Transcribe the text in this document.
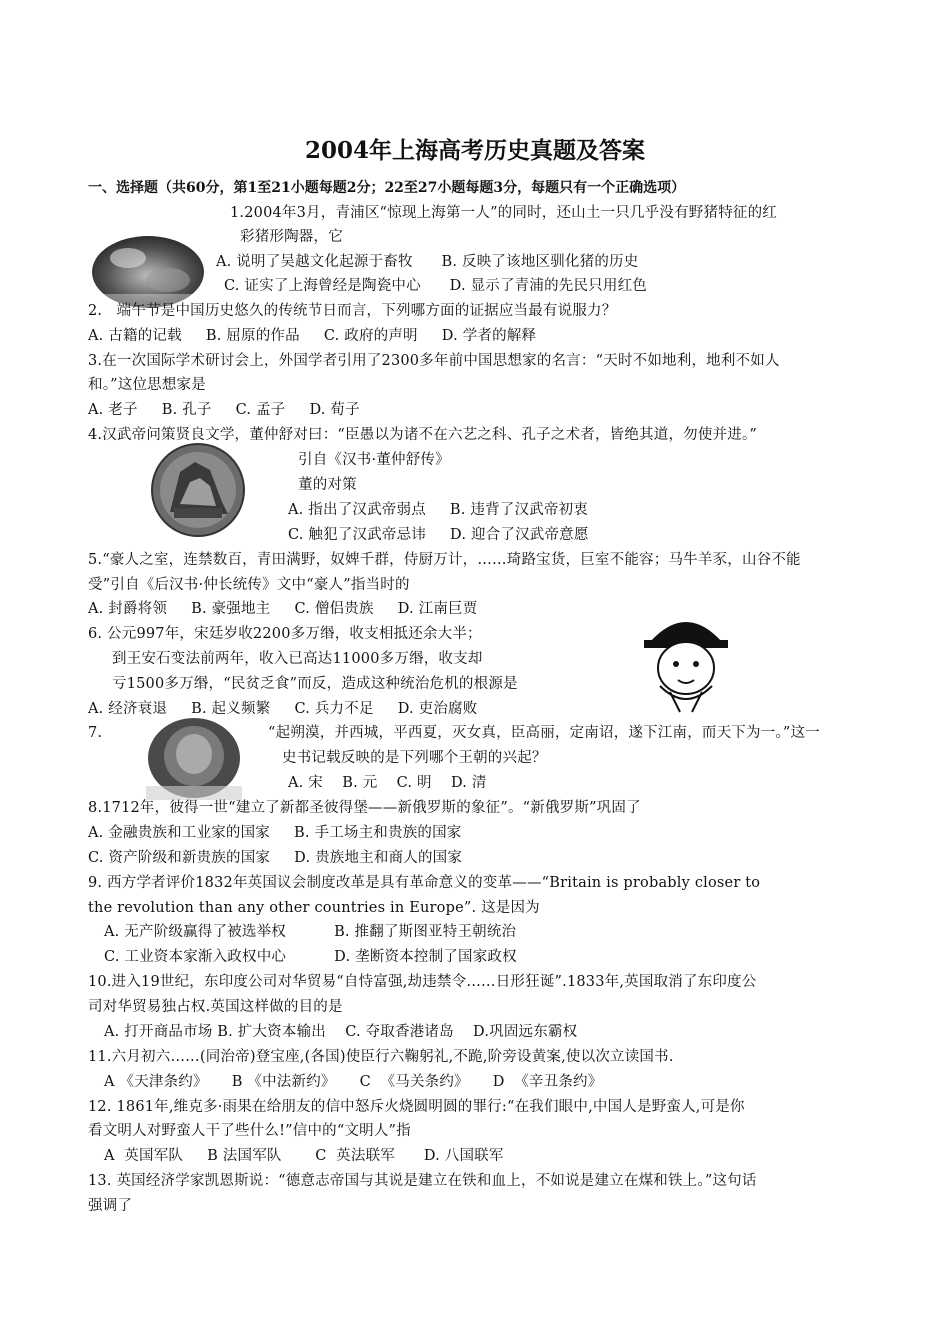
2004年上海高考历史真题及答案
一、选择题（共60分，第1至21小题每题2分；22至27小题每题3分，每题只有一个正确选项）
1.2004年3月，青浦区“惊现上海第一人”的同时，还山土一只几乎没有野猪特征的红
彩猪形陶器，它
A. 说明了吴越文化起源于畜牧      B. 反映了该地区驯化猪的历史
C. 证实了上海曾经是陶瓷中心      D. 显示了青浦的先民只用红色
2.   端午节是中国历史悠久的传统节日而言，下列哪方面的证据应当最有说服力？
A. 古籍的记载     B. 屈原的作品     C. 政府的声明     D. 学者的解释
3.在一次国际学术研讨会上，外国学者引用了2300多年前中国思想家的名言：“天时不如地利，地利不如人
和。”这位思想家是
A. 老子     B. 孔子     C. 孟子     D. 荀子
4.汉武帝问策贤良文学，董仲舒对曰：“臣愚以为诸不在六艺之科、孔子之术者，皆绝其道，勿使并进。”
引自《汉书·董仲舒传》
董的对策
A. 指出了汉武帝弱点     B. 违背了汉武帝初衷
C. 触犯了汉武帝忌讳     D. 迎合了汉武帝意愿
5.“豪人之室，连禁数百，青田满野，奴婢千群，侍厨万计，……琦路宝货，巨室不能容；马牛羊豕，山谷不能
受”引自《后汉书·仲长统传》文中“豪人”指当时的
A. 封爵将领     B. 豪强地主     C. 僧侣贵族     D. 江南巨贾
6. 公元997年，宋廷岁收2200多万缗，收支相抵还余大半；
到王安石变法前两年，收入已高达11000多万缗，收支却
亏1500多万缗，“民贫乏食”而反，造成这种统治危机的根源是
A. 经济衰退     B. 起义频繁     C. 兵力不足     D. 吏治腐败
7.	“起朔漠，并西城，平西夏，灭女真，臣高丽，定南诏，遂下江南，而天下为一。”这一
史书记载反映的是下列哪个王朝的兴起？
A. 宋    B. 元    C. 明    D. 清
8.1712年，彼得一世“建立了新都圣彼得堡——新俄罗斯的象征”。“新俄罗斯”巩固了
A. 金融贵族和工业家的国家     B. 手工场主和贵族的国家
C. 资产阶级和新贵族的国家     D. 贵族地主和商人的国家
9. 西方学者评价1832年英国议会制度改革是具有革命意义的变革——“Britain is probably closer to
the revolution than any other countries in Europe”. 这是因为
A. 无产阶级赢得了被选举权          B. 推翻了斯图亚特王朝统治
C. 工业资本家渐入政权中心          D. 垄断资本控制了国家政权
10.进入19世纪，东印度公司对华贸易“自恃富强,劫违禁令……日形狂诞”.1833年,英国取消了东印度公
司对华贸易独占权.英国这样做的目的是
A. 打开商品市场 B. 扩大资本输出    C. 夺取香港诸岛    D.巩固远东霸权
11.六月初六……(同治帝)登宝座,(各国)使臣行六鞠躬礼,不跪,阶旁设黄案,使以次立读国书.
A 《天津条约》     B 《中法新约》     C  《马关条约》     D  《辛丑条约》
12. 1861年,维克多·雨果在给朋友的信中怒斥火烧圆明圆的罪行:“在我们眼中,中国人是野蛮人,可是你
看文明人对野蛮人干了些什么!”信中的“文明人”指
A  英国军队     B 法国军队       C  英法联军      D. 八国联军
13. 英国经济学家凯恩斯说：“德意志帝国与其说是建立在铁和血上，不如说是建立在煤和铁上。”这句话
强调了
